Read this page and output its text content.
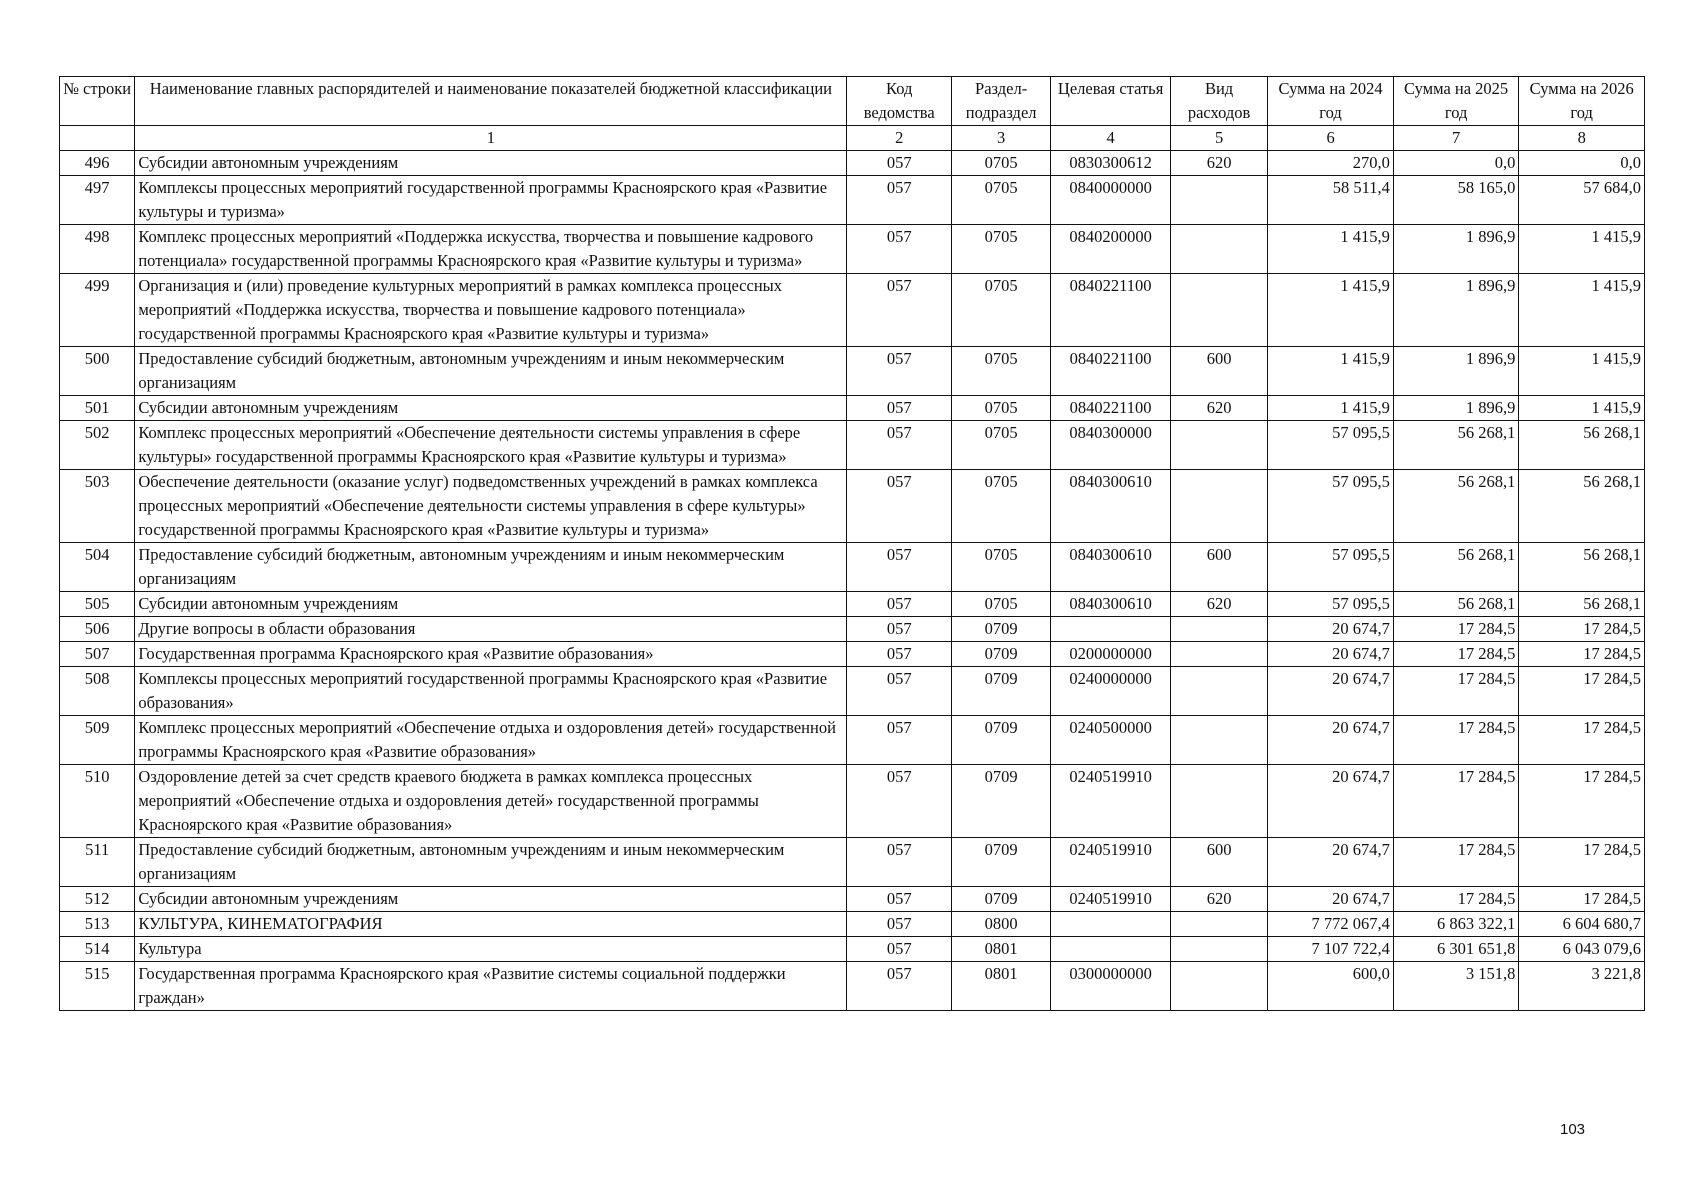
№ строки	Наименование главных распорядителей и наименование показателей бюджетной классификации	Код ведомства	Раздел-подраздел	Целевая статья	Вид расходов	Сумма на 2024 год	Сумма на 2025 год	Сумма на 2026 год
	1	2	3	4	5	6	7	8
496	Субсидии автономным учреждениям	057	0705	0830300612	620	270,0	0,0	0,0
497	Комплексы процессных мероприятий государственной программы Красноярского края «Развитие культуры и туризма»	057	0705	0840000000		58 511,4	58 165,0	57 684,0
498	Комплекс процессных мероприятий «Поддержка искусства, творчества и повышение кадрового потенциала» государственной программы Красноярского края «Развитие культуры и туризма»	057	0705	0840200000		1 415,9	1 896,9	1 415,9
499	Организация и (или) проведение культурных мероприятий в рамках комплекса процессных мероприятий «Поддержка искусства, творчества и повышение кадрового потенциала» государственной программы Красноярского края «Развитие культуры и туризма»	057	0705	0840221100		1 415,9	1 896,9	1 415,9
500	Предоставление субсидий бюджетным, автономным учреждениям и иным некоммерческим организациям	057	0705	0840221100	600	1 415,9	1 896,9	1 415,9
501	Субсидии автономным учреждениям	057	0705	0840221100	620	1 415,9	1 896,9	1 415,9
502	Комплекс процессных мероприятий «Обеспечение деятельности системы управления в сфере культуры» государственной программы Красноярского края «Развитие культуры и туризма»	057	0705	0840300000		57 095,5	56 268,1	56 268,1
503	Обеспечение деятельности (оказание услуг) подведомственных учреждений в рамках комплекса процессных мероприятий «Обеспечение деятельности системы управления в сфере культуры» государственной программы Красноярского края «Развитие культуры и туризма»	057	0705	0840300610		57 095,5	56 268,1	56 268,1
504	Предоставление субсидий бюджетным, автономным учреждениям и иным некоммерческим организациям	057	0705	0840300610	600	57 095,5	56 268,1	56 268,1
505	Субсидии автономным учреждениям	057	0705	0840300610	620	57 095,5	56 268,1	56 268,1
506	Другие вопросы в области образования	057	0709			20 674,7	17 284,5	17 284,5
507	Государственная программа Красноярского края «Развитие образования»	057	0709	0200000000		20 674,7	17 284,5	17 284,5
508	Комплексы процессных мероприятий государственной программы Красноярского края «Развитие образования»	057	0709	0240000000		20 674,7	17 284,5	17 284,5
509	Комплекс процессных мероприятий «Обеспечение отдыха и оздоровления детей» государственной программы Красноярского края «Развитие образования»	057	0709	0240500000		20 674,7	17 284,5	17 284,5
510	Оздоровление детей за счет средств краевого бюджета в рамках комплекса процессных мероприятий «Обеспечение отдыха и оздоровления детей» государственной программы Красноярского края «Развитие образования»	057	0709	0240519910		20 674,7	17 284,5	17 284,5
511	Предоставление субсидий бюджетным, автономным учреждениям и иным некоммерческим организациям	057	0709	0240519910	600	20 674,7	17 284,5	17 284,5
512	Субсидии автономным учреждениям	057	0709	0240519910	620	20 674,7	17 284,5	17 284,5
513	КУЛЬТУРА, КИНЕМАТОГРАФИЯ	057	0800			7 772 067,4	6 863 322,1	6 604 680,7
514	Культура	057	0801			7 107 722,4	6 301 651,8	6 043 079,6
515	Государственная программа Красноярского края «Развитие системы социальной поддержки граждан»	057	0801	0300000000		600,0	3 151,8	3 221,8
103
